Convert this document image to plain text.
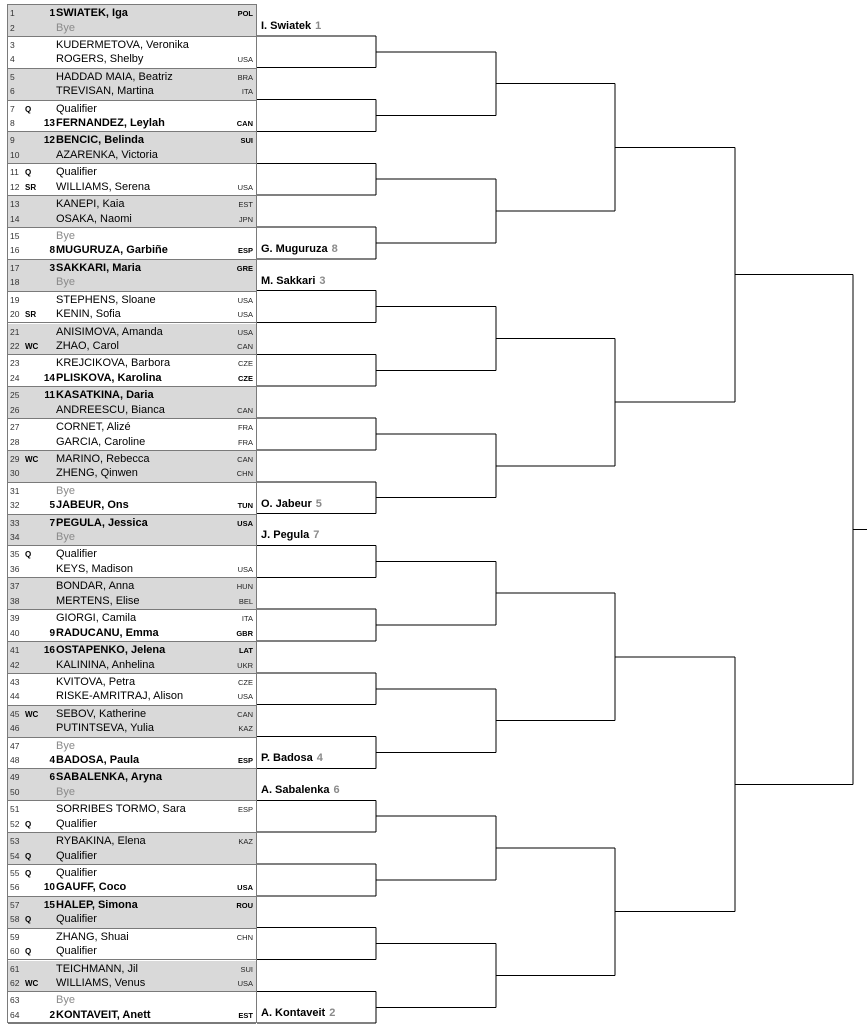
1	1 SWIATEK, Iga	POL
2	Bye
3	KUDERMETOVA, Veronika
4	ROGERS, Shelby	USA
5	HADDAD MAIA, Beatriz	BRA
6	TREVISAN, Martina	ITA
7 Q Qualifier
8	13 FERNANDEZ, Leylah	CAN
9	12 BENCIC, Belinda	SUI
10	AZARENKA, Victoria
11 Q Qualifier
12 SR WILLIAMS, Serena	USA
13	KANEPI, Kaia	EST
14	OSAKA, Naomi	JPN
15	Bye
16	8 MUGURUZA, Garbiñe	ESP
17	3 SAKKARI, Maria	GRE
18	Bye
19	STEPHENS, Sloane	USA
20 SR KENIN, Sofia	USA
21	ANISIMOVA, Amanda	USA
22 WC ZHAO, Carol	CAN
23	KREJCIKOVA, Barbora	CZE
24 14 PLISKOVA, Karolina	CZE
25 11 KASATKINA, Daria
26	ANDREESCU, Bianca	CAN
27	CORNET, Alizé	FRA
28	GARCIA, Caroline	FRA
29 WC MARINO, Rebecca	CAN
30	ZHENG, Qinwen	CHN
31	Bye
32	5 JABEUR, Ons	TUN
33	7 PEGULA, Jessica	USA
34	Bye
35 Q Qualifier
36	KEYS, Madison	USA
37	BONDAR, Anna	HUN
38	MERTENS, Elise	BEL
39	GIORGI, Camila	ITA
40	9 RADUCANU, Emma	GBR
41 16 OSTAPENKO, Jelena	LAT
42	KALININA, Anhelina	UKR
43	KVITOVA, Petra	CZE
44	RISKE-AMRITRAJ, Alison	USA
45 WC SEBOV, Katherine	CAN
46	PUTINTSEVA, Yulia	KAZ
47	Bye
48	4 BADOSA, Paula	ESP
49	6 SABALENKA, Aryna
50	Bye
51	SORRIBES TORMO, Sara	ESP
52 Q Qualifier
53	RYBAKINA, Elena	KAZ
54 Q Qualifier
55 Q Qualifier
56 10 GAUFF, Coco	USA
57 15 HALEP, Simona	ROU
58 Q Qualifier
59	ZHANG, Shuai	CHN
60 Q Qualifier
61	TEICHMANN, Jil	SUI
62 WC WILLIAMS, Venus	USA
63	Bye
64	2 KONTAVEIT, Anett	EST
I. Swiatek 1
G. Muguruza 8
M. Sakkari 3
O. Jabeur 5
J. Pegula 7
P. Badosa 4
A. Sabalenka 6
A. Kontaveit 2
